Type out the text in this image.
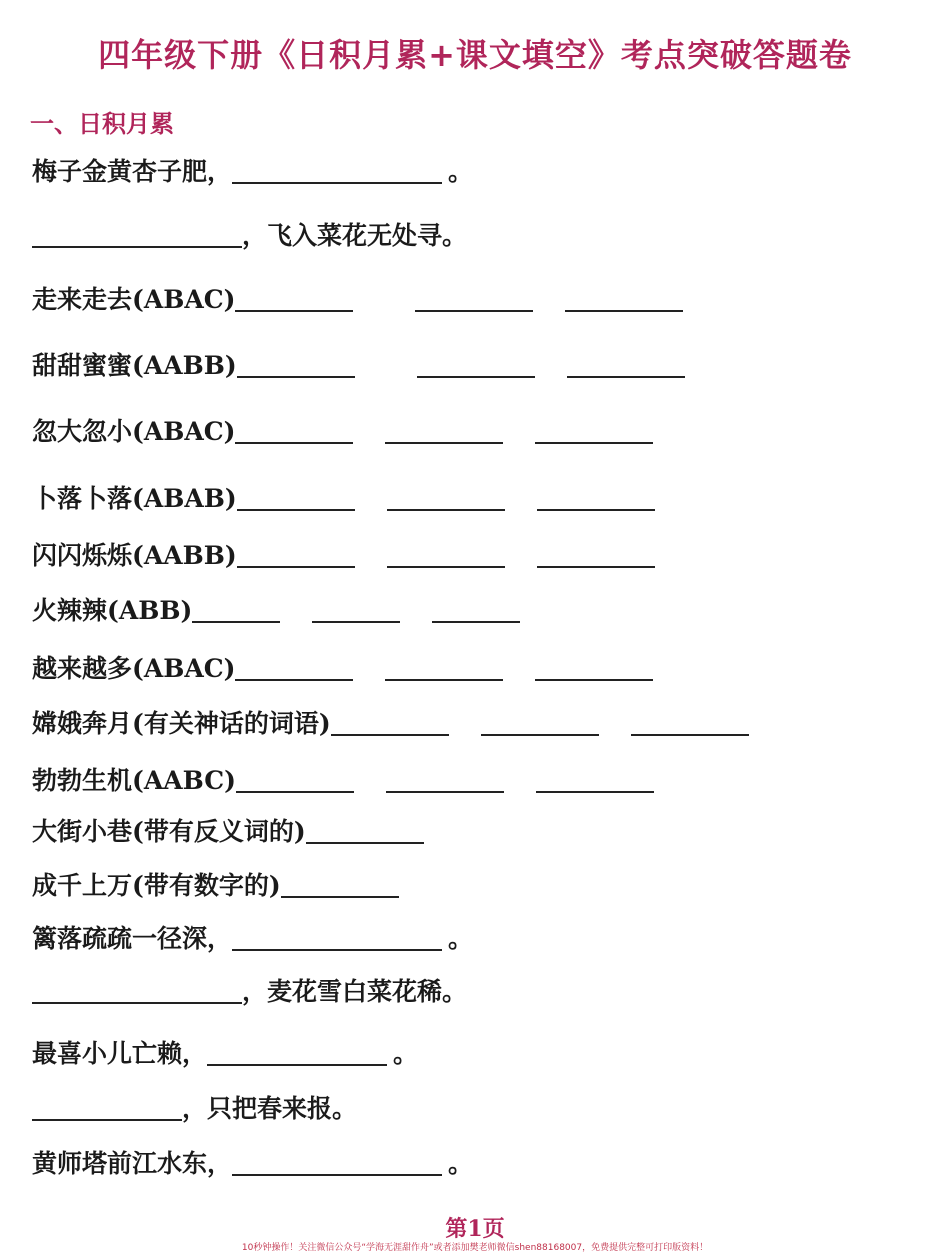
四年级下册《日积月累+课文填空》考点突破答题卷
一、日积月累
梅子金黄杏子肥，	。
，飞入菜花无处寻。
走来走去(ABAC)
甜甜蜜蜜(AABB)
忽大忽小(ABAC)
卜落卜落(ABAB)
闪闪烁烁(AABB)
火辣辣(ABB)
越来越多(ABAC)
嫦娥奔月(有关神话的词语)
勃勃生机(AABC)
大街小巷(带有反义词的)
成千上万(带有数字的)
篱落疏疏一径深，	。
，麦花雪白菜花稀。
最喜小儿亡赖，	。
，只把春来报。
黄师塔前江水东，	。
第1页
10秒钟操作！关注微信公众号“学海无涯甜作舟”或者添加樊老师微信shen88168007，免费提供完整可打印版资料！
